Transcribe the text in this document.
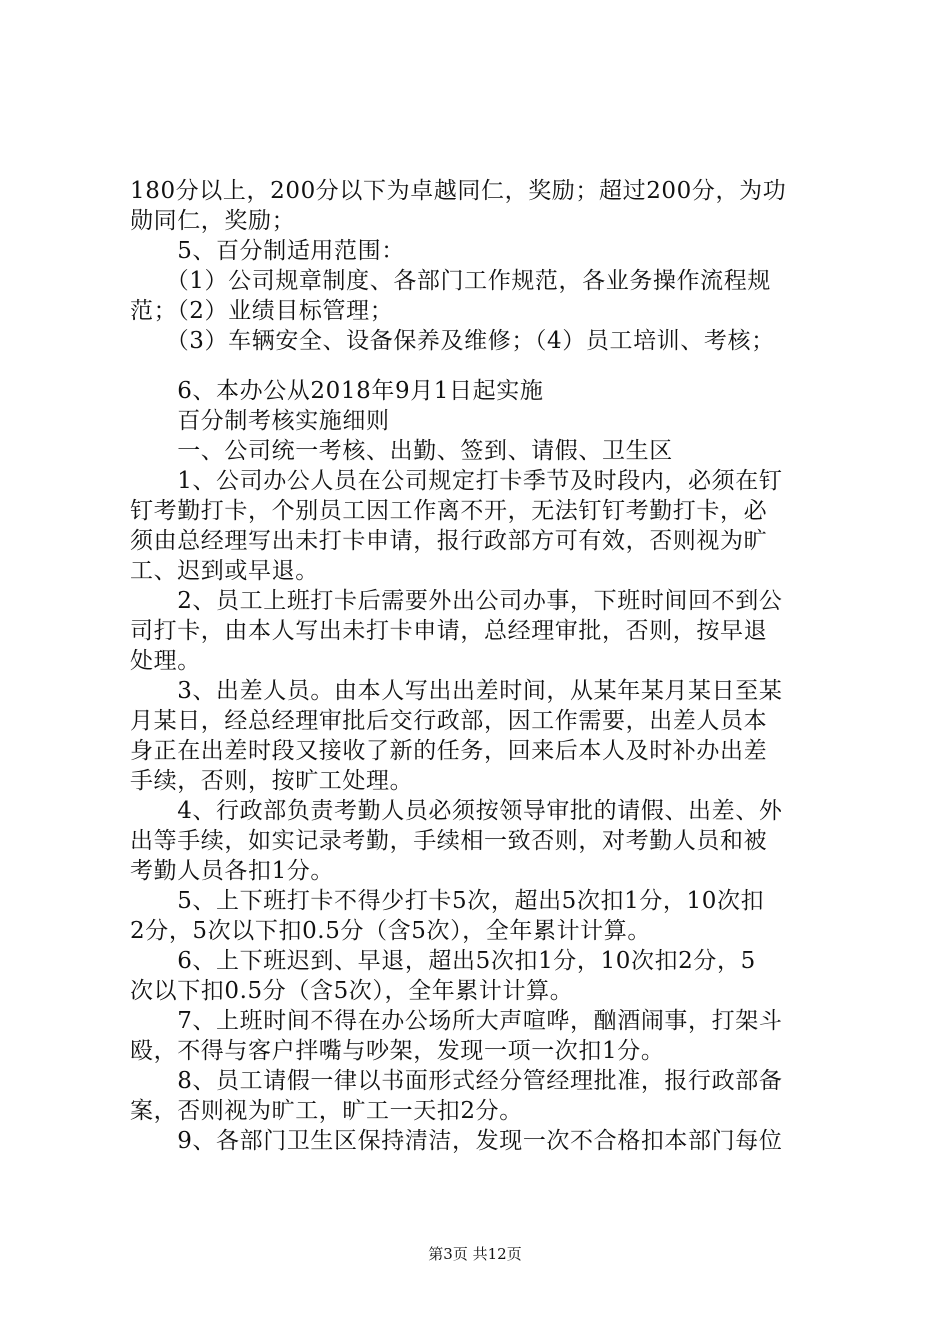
180分以上，200分以下为卓越同仁，奖励；超过200分，为功
勋同仁，奖励；
　　5、百分制适用范围：
　　（1）公司规章制度、各部门工作规范，各业务操作流程规
范；（2）业绩目标管理；
　　（3）车辆安全、设备保养及维修；（4）员工培训、考核；
　　6、本办公从2018年9月1日起实施
　　百分制考核实施细则
　　一、公司统一考核、出勤、签到、请假、卫生区
　　1、公司办公人员在公司规定打卡季节及时段内，必须在钉
钉考勤打卡，个别员工因工作离不开，无法钉钉考勤打卡，必
须由总经理写出未打卡申请，报行政部方可有效，否则视为旷
工、迟到或早退。
　　2、员工上班打卡后需要外出公司办事，下班时间回不到公
司打卡，由本人写出未打卡申请，总经理审批，否则，按早退
处理。
　　3、出差人员。由本人写出出差时间，从某年某月某日至某
月某日，经总经理审批后交行政部，因工作需要，出差人员本
身正在出差时段又接收了新的任务，回来后本人及时补办出差
手续，否则，按旷工处理。
　　4、行政部负责考勤人员必须按领导审批的请假、出差、外
出等手续，如实记录考勤，手续相一致否则，对考勤人员和被
考勤人员各扣1分。
　　5、上下班打卡不得少打卡5次，超出5次扣1分，10次扣
2分，5次以下扣0.5分（含5次），全年累计计算。
　　6、上下班迟到、早退，超出5次扣1分，10次扣2分，5
次以下扣0.5分（含5次），全年累计计算。
　　7、上班时间不得在办公场所大声喧哗，酗酒闹事，打架斗
殴，不得与客户拌嘴与吵架，发现一项一次扣1分。
　　8、员工请假一律以书面形式经分管经理批准，报行政部备
案，否则视为旷工，旷工一天扣2分。
　　9、各部门卫生区保持清洁，发现一次不合格扣本部门每位
第3页 共12页
